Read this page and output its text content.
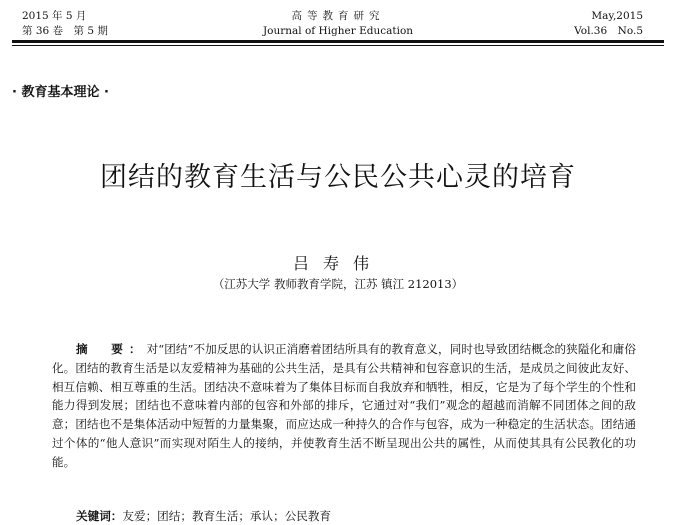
2015 年 5 月
第 36 卷　第 5 期
高等教育研究
Journal of Higher Education
May,2015
Vol.36　No.5
· 教育基本理论 ·
团结的教育生活与公民公共心灵的培育
吕寿伟
（江苏大学 教师教育学院，江苏 镇江 212013）
摘　要：对“团结”不加反思的认识正消磨着团结所具有的教育意义，同时也导致团结概念的狭隘化和庸俗化。团结的教育生活是以友爱精神为基础的公共生活，是具有公共精神和包容意识的生活，是成员之间彼此友好、相互信赖、相互尊重的生活。团结决不意味着为了集体目标而自我放弃和牺牲，相反，它是为了每个学生的个性和能力得到发展；团结也不意味着内部的包容和外部的排斥，它通过对“我们”观念的超越而消解不同团体之间的敌意；团结也不是集体活动中短暂的力量集聚，而应达成一种持久的合作与包容，成为一种稳定的生活状态。团结通过个体的“他人意识”而实现对陌生人的接纳，并使教育生活不断呈现出公共的属性，从而使其具有公民教化的功能。
关键词：友爱；团结；教育生活；承认；公民教育
